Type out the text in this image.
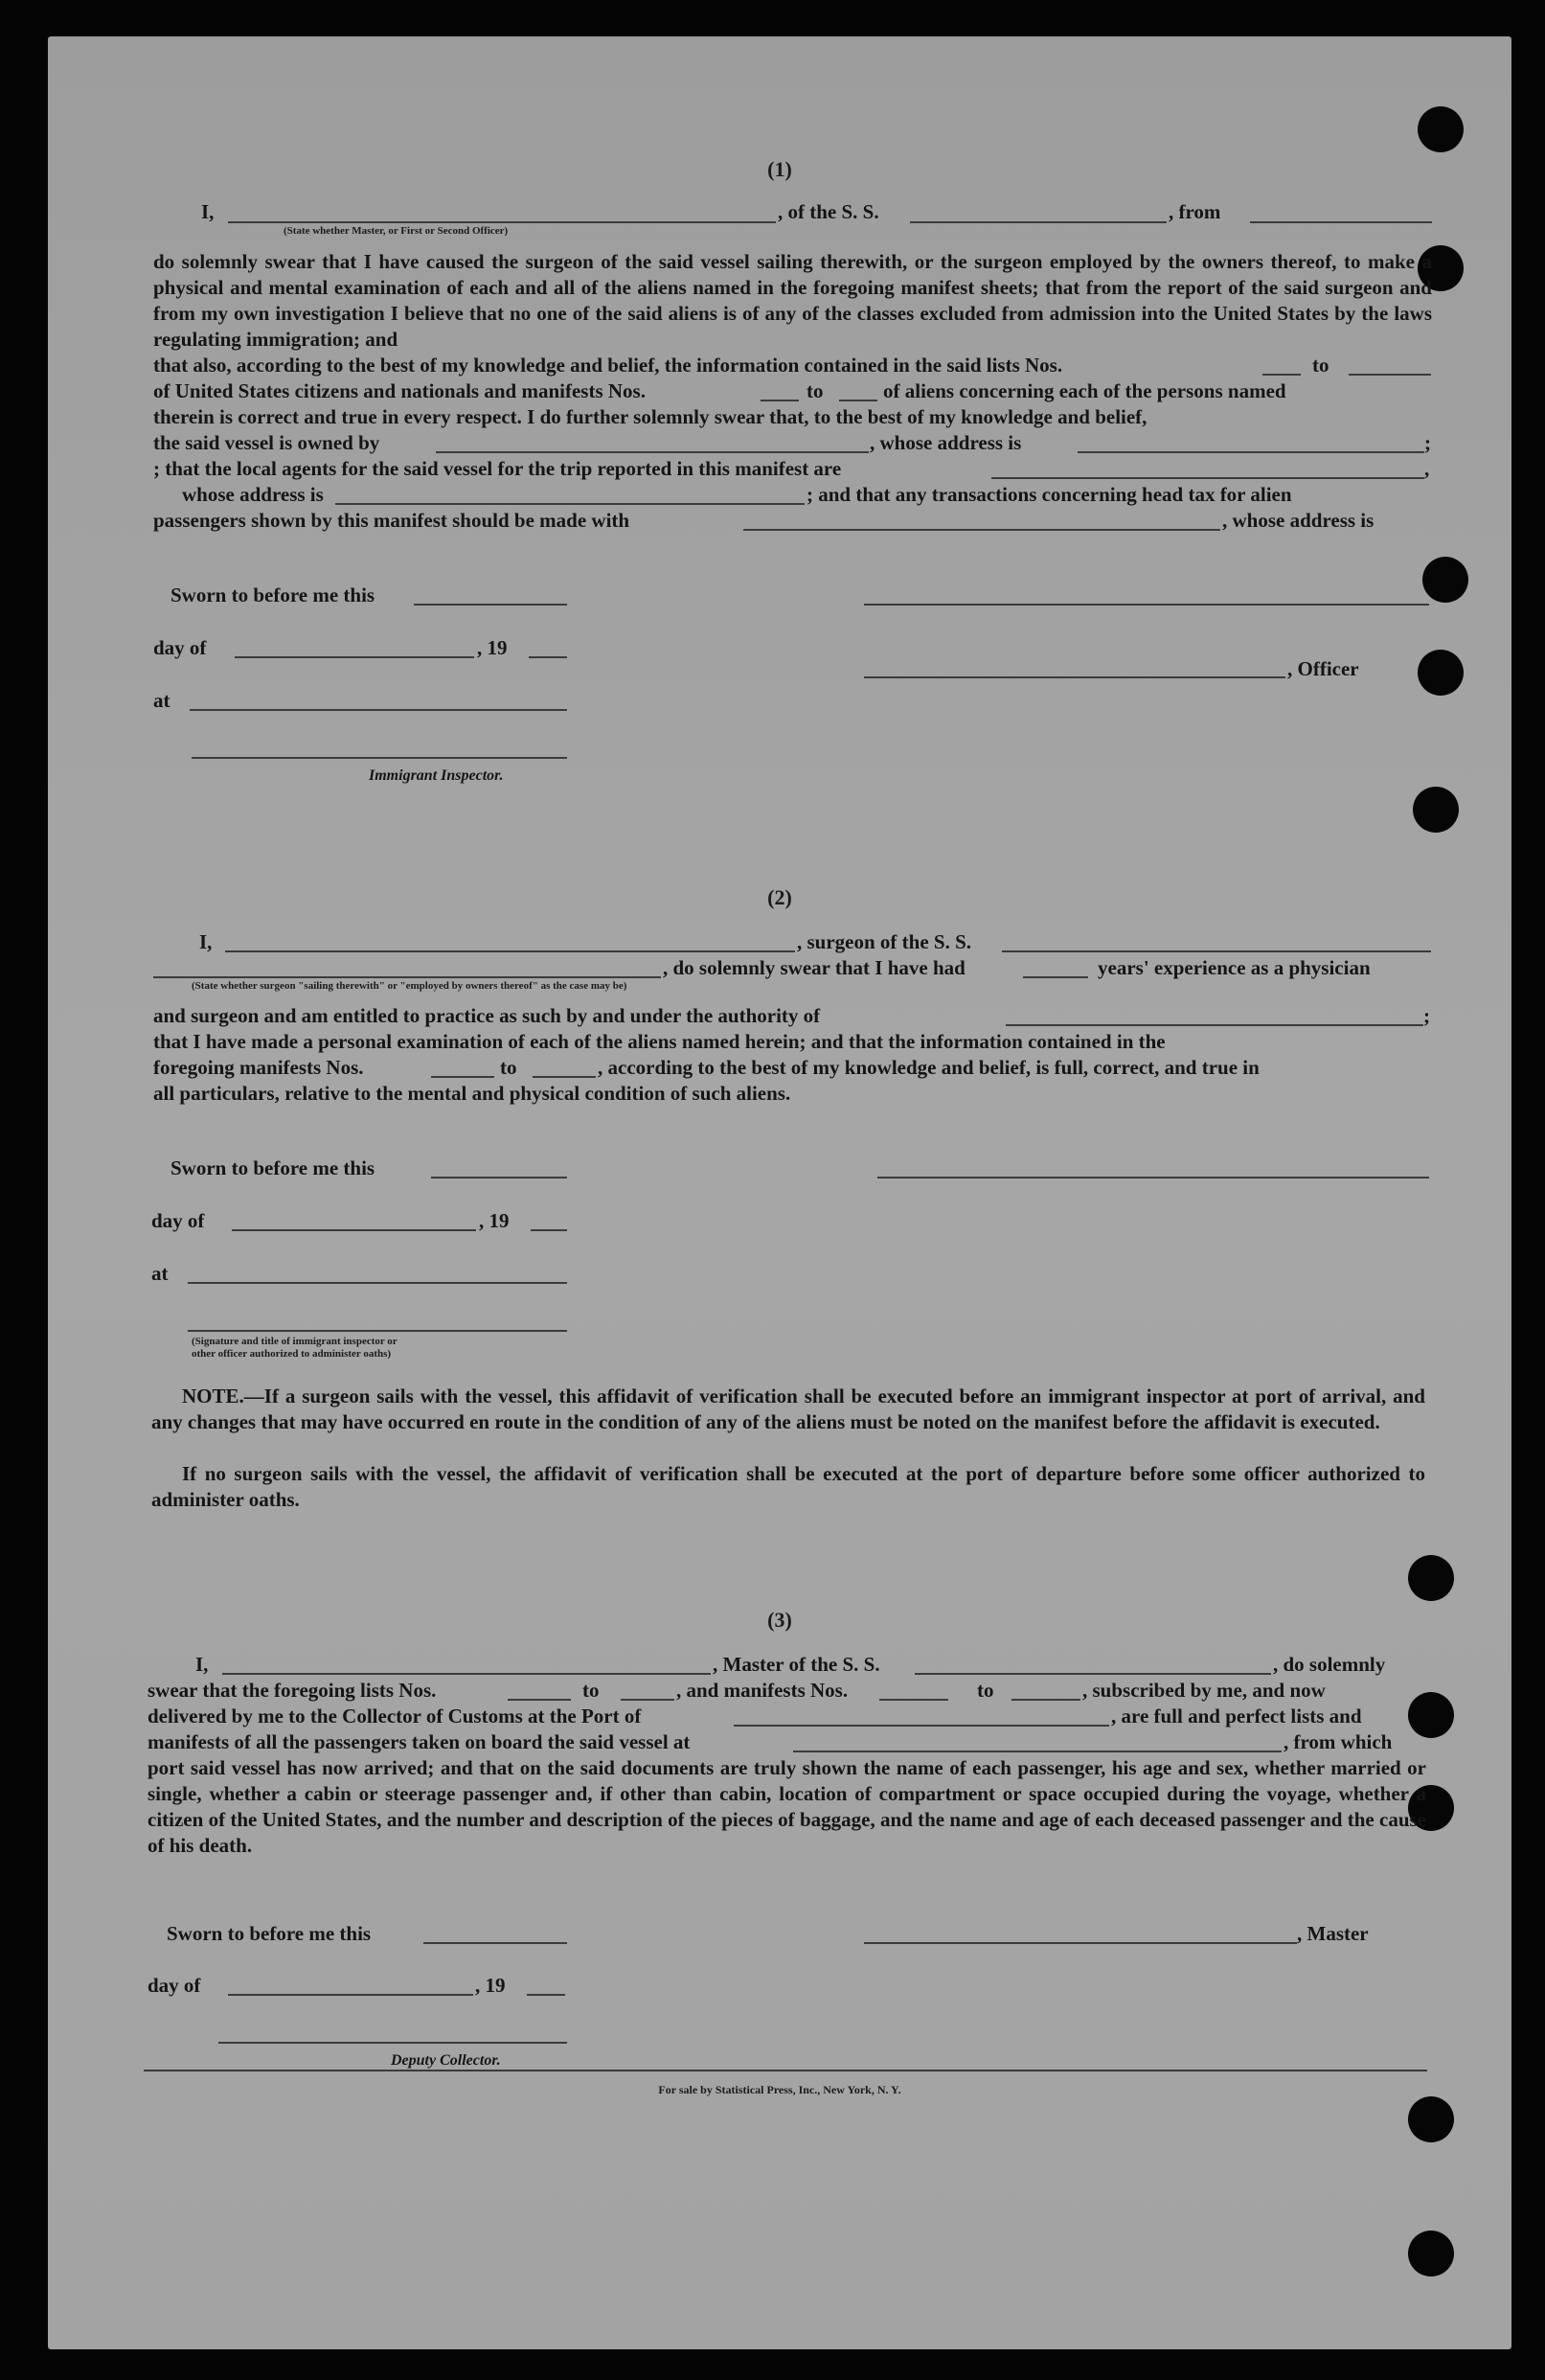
(1)
I,	, of the S. S.	, from
(State whether Master, or First or Second Officer)
do solemnly swear that I have caused the surgeon of the said vessel sailing therewith, or the surgeon employed by the owners thereof, to make a physical and mental examination of each and all of the aliens named in the foregoing manifest sheets; that from the report of the said surgeon and from my own investigation I believe that no one of the said aliens is of any of the classes excluded from admission into the United States by the laws regulating immigration; and
that also, according to the best of my knowledge and belief, the information contained in the said lists Nos.	to
of United States citizens and nationals and manifests Nos.	to	of aliens concerning each of the persons named
therein is correct and true in every respect. I do further solemnly swear that, to the best of my knowledge and belief,
the said vessel is owned by	, whose address is	;
; that the local agents for the said vessel for the trip reported in this manifest are	,
whose address is	; and that any transactions concerning head tax for alien
passengers shown by this manifest should be made with	, whose address is
Sworn to before me this
day of	, 19
, Officer
at
Immigrant Inspector.
(2)
I,	, surgeon of the S. S.
, do solemnly swear that I have had	years' experience as a physician
(State whether surgeon "sailing therewith" or "employed by owners thereof" as the case may be)
and surgeon and am entitled to practice as such by and under the authority of	;
that I have made a personal examination of each of the aliens named herein; and that the information contained in the
foregoing manifests Nos.	to	, according to the best of my knowledge and belief, is full, correct, and true in
all particulars, relative to the mental and physical condition of such aliens.
Sworn to before me this
day of	, 19
at
(Signature and title of immigrant inspector or
other officer authorized to administer oaths)
NOTE.—If a surgeon sails with the vessel, this affidavit of verification shall be executed before an immigrant inspector at port of arrival, and any changes that may have occurred en route in the condition of any of the aliens must be noted on the manifest before the affidavit is executed.
If no surgeon sails with the vessel, the affidavit of verification shall be executed at the port of departure before some officer authorized to administer oaths.
(3)
I,	, Master of the S. S.	, do solemnly
swear that the foregoing lists Nos.	to	, and manifests Nos.	to	, subscribed by me, and now
delivered by me to the Collector of Customs at the Port of	, are full and perfect lists and
manifests of all the passengers taken on board the said vessel at	, from which
port said vessel has now arrived; and that on the said documents are truly shown the name of each passenger, his age and sex, whether married or single, whether a cabin or steerage passenger and, if other than cabin, location of compartment or space occupied during the voyage, whether a citizen of the United States, and the number and description of the pieces of baggage, and the name and age of each deceased passenger and the cause of his death.
Sworn to before me this	, Master
day of	, 19
Deputy Collector.
For sale by Statistical Press, Inc., New York, N. Y.
